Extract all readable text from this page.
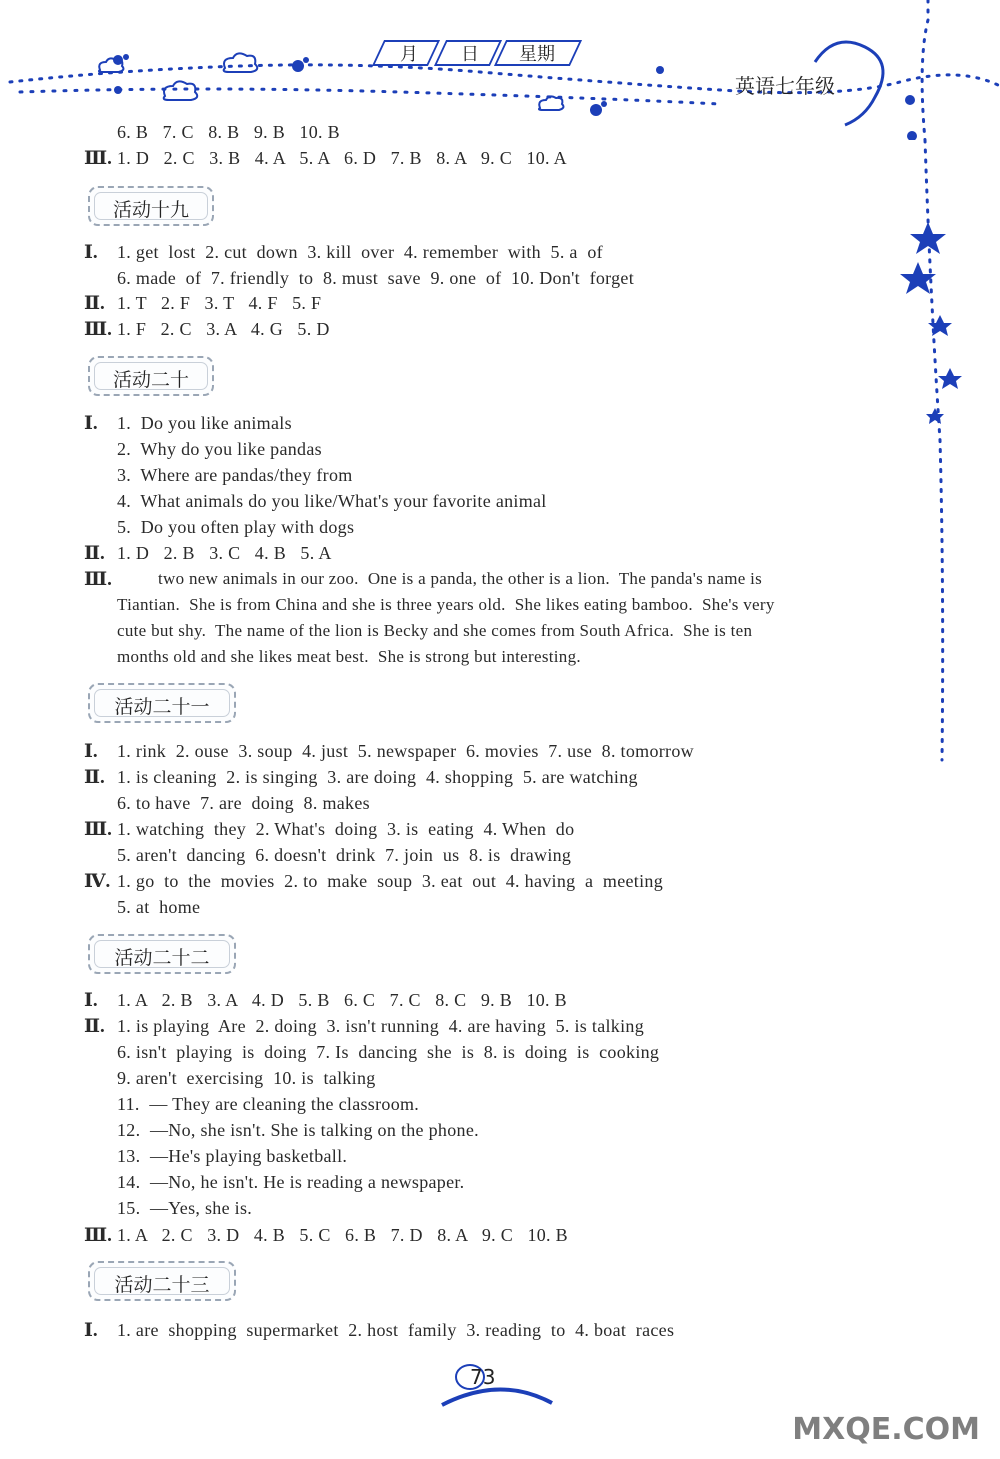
月 日 星期
英语七年级
6. B   7. C   8. B   9. B   10. B
Ⅲ. 1. D   2. C   3. B   4. A   5. A   6. D   7. B   8. A   9. C   10. A
活动十九
Ⅰ. 1. get  lost  2. cut  down  3. kill  over  4. remember  with  5. a  of
6. made  of  7. friendly  to  8. must  save  9. one  of  10. Don't  forget
Ⅱ. 1. T   2. F   3. T   4. F   5. F
Ⅲ. 1. F   2. C   3. A   4. G   5. D
活动二十
Ⅰ. 1.  Do you like animals
2.  Why do you like pandas
3.  Where are pandas/they from
4.  What animals do you like/What's your favorite animal
5.  Do you often play with dogs
Ⅱ. 1. D   2. B   3. C   4. B   5. A
Ⅲ.	two new animals in our zoo.  One is a panda, the other is a lion.  The panda's name is
Tiantian.  She is from China and she is three years old.  She likes eating bamboo.  She's very
cute but shy.  The name of the lion is Becky and she comes from South Africa.  She is ten
months old and she likes meat best.  She is strong but interesting.
活动二十一
Ⅰ. 1. rink  2. ouse  3. soup  4. just  5. newspaper  6. movies  7. use  8. tomorrow
Ⅱ. 1. is cleaning  2. is singing  3. are doing  4. shopping  5. are watching
6. to have  7. are  doing  8. makes
Ⅲ. 1. watching  they  2. What's  doing  3. is  eating  4. When  do
5. aren't  dancing  6. doesn't  drink  7. join  us  8. is  drawing
Ⅳ. 1. go  to  the  movies  2. to  make  soup  3. eat  out  4. having  a  meeting
5. at  home
活动二十二
Ⅰ. 1. A   2. B   3. A   4. D   5. B   6. C   7. C   8. C   9. B   10. B
Ⅱ. 1. is playing  Are  2. doing  3. isn't running  4. are having  5. is talking
6. isn't  playing  is  doing  7. Is  dancing  she  is  8. is  doing  is  cooking
9. aren't  exercising  10. is  talking
11.  — They are cleaning the classroom.
12.  —No, she isn't. She is talking on the phone.
13.  —He's playing basketball.
14.  —No, he isn't. He is reading a newspaper.
15.  —Yes, she is.
Ⅲ. 1. A   2. C   3. D   4. B   5. C   6. B   7. D   8. A   9. C   10. B
活动二十三
Ⅰ. 1. are  shopping  supermarket  2. host  family  3. reading  to  4. boat  races
73
MXQE.COM
